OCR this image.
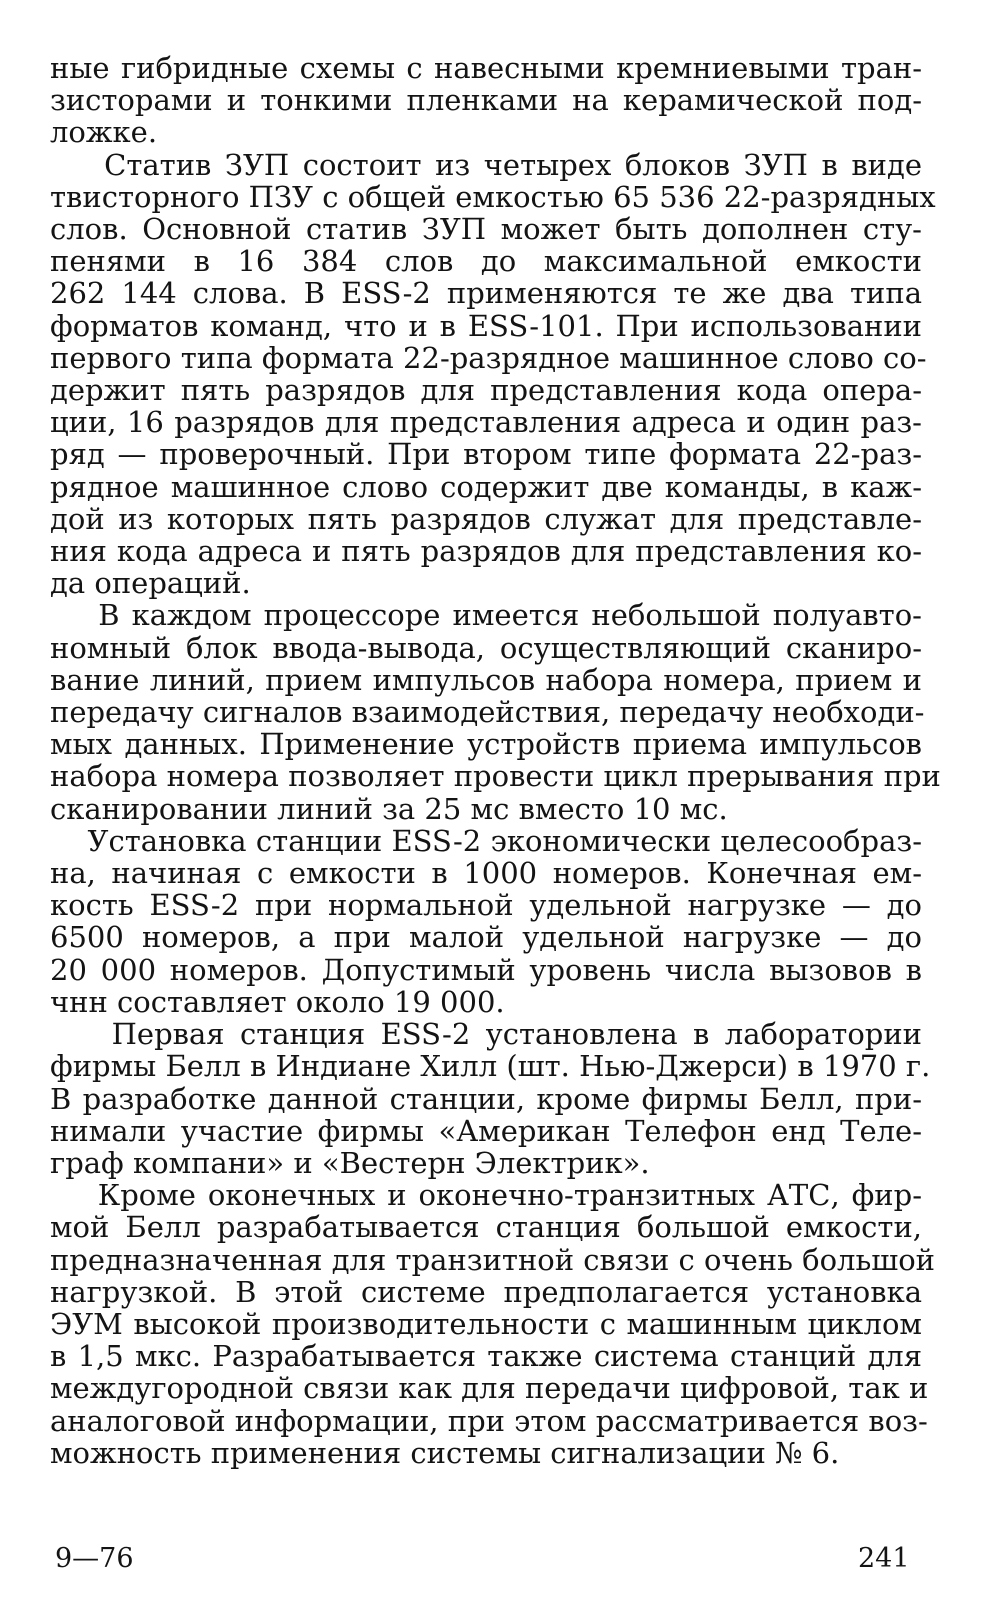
ные гибридные схемы с навесными кремниевыми тран-
зисторами и тонкими пленками на керамической под-
ложке.
Статив ЗУП состоит из четырех блоков ЗУП в виде
твисторного ПЗУ с общей емкостью 65 536 22-разрядных
слов. Основной статив ЗУП может быть дополнен сту-
пенями в 16 384 слов до максимальной емкости
262 144 слова. В ESS-2 применяются те же два типа
форматов команд, что и в ESS-101. При использовании
первого типа формата 22-разрядное машинное слово со-
держит пять разрядов для представления кода опера-
ции, 16 разрядов для представления адреса и один раз-
ряд — проверочный. При втором типе формата 22-раз-
рядное машинное слово содержит две команды, в каж-
дой из которых пять разрядов служат для представле-
ния кода адреса и пять разрядов для представления ко-
да операций.
В каждом процессоре имеется небольшой полуавто-
номный блок ввода-вывода, осуществляющий сканиро-
вание линий, прием импульсов набора номера, прием и
передачу сигналов взаимодействия, передачу необходи-
мых данных. Применение устройств приема импульсов
набора номера позволяет провести цикл прерывания при
сканировании линий за 25 мс вместо 10 мс.
Установка станции ESS-2 экономически целесообраз-
на, начиная с емкости в 1000 номеров. Конечная ем-
кость ESS-2 при нормальной удельной нагрузке — до
6500 номеров, а при малой удельной нагрузке — до
20 000 номеров. Допустимый уровень числа вызовов в
чнн составляет около 19 000.
Первая станция ESS-2 установлена в лаборатории
фирмы Белл в Индиане Хилл (шт. Нью-Джерси) в 1970 г.
В разработке данной станции, кроме фирмы Белл, при-
нимали участие фирмы «Американ Телефон енд Теле-
граф компани» и «Вестерн Электрик».
Кроме оконечных и оконечно-транзитных АТС, фир-
мой Белл разрабатывается станция большой емкости,
предназначенная для транзитной связи с очень большой
нагрузкой. В этой системе предполагается установка
ЭУМ высокой производительности с машинным циклом
в 1,5 мкс. Разрабатывается также система станций для
междугородной связи как для передачи цифровой, так и
аналоговой информации, при этом рассматривается воз-
можность применения системы сигнализации № 6.
9—76	241
